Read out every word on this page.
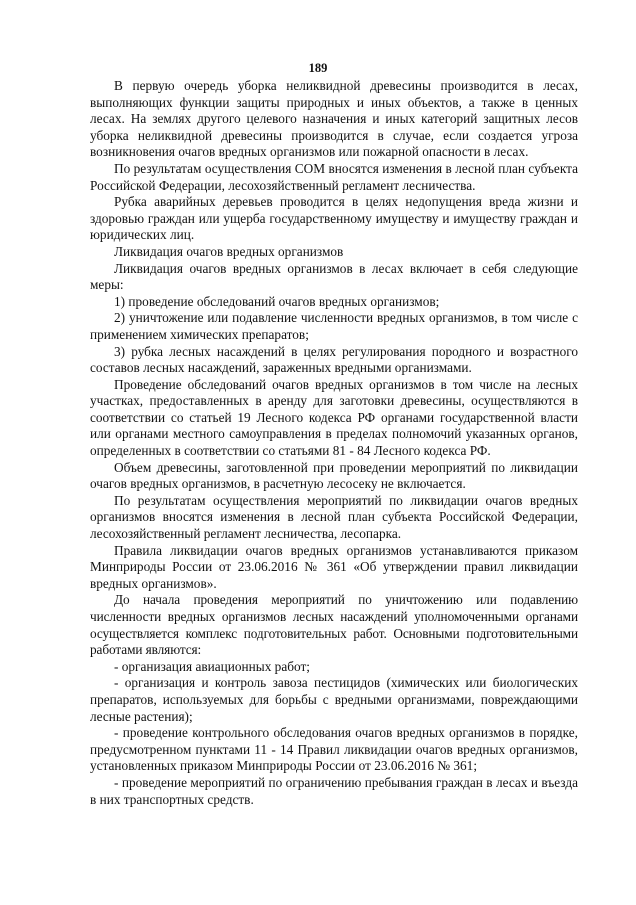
189

В первую очередь уборка неликвидной древесины производится в лесах, выполняющих функции защиты природных и иных объектов, а также в ценных лесах. На землях другого целевого назначения и иных категорий защитных лесов уборка неликвидной древесины производится в случае, если создается угроза возникновения очагов вредных организмов или пожарной опасности в лесах.

По результатам осуществления СОМ вносятся изменения в лесной план субъекта Российской Федерации, лесохозяйственный регламент лесничества.

Рубка аварийных деревьев проводится в целях недопущения вреда жизни и здоровью граждан или ущерба государственному имуществу и имуществу граждан и юридических лиц.

Ликвидация очагов вредных организмов

Ликвидация очагов вредных организмов в лесах включает в себя следующие меры:

1) проведение обследований очагов вредных организмов;

2) уничтожение или подавление численности вредных организмов, в том числе с применением химических препаратов;

3) рубка лесных насаждений в целях регулирования породного и возрастного составов лесных насаждений, зараженных вредными организмами.

Проведение обследований очагов вредных организмов в том числе на лесных участках, предоставленных в аренду для заготовки древесины, осуществляются в соответствии со статьей 19 Лесного кодекса РФ органами государственной власти или органами местного самоуправления в пределах полномочий указанных органов, определенных в соответствии со статьями 81 - 84 Лесного кодекса РФ.

Объем древесины, заготовленной при проведении мероприятий по ликвидации очагов вредных организмов, в расчетную лесосеку не включается.

По результатам осуществления мероприятий по ликвидации очагов вредных организмов вносятся изменения в лесной план субъекта Российской Федерации, лесохозяйственный регламент лесничества, лесопарка.

Правила ликвидации очагов вредных организмов устанавливаются приказом Минприроды России от 23.06.2016 № 361 «Об утверждении правил ликвидации вредных организмов».

До начала проведения мероприятий по уничтожению или подавлению численности вредных организмов лесных насаждений уполномоченными органами осуществляется комплекс подготовительных работ. Основными подготовительными работами являются:

- организация авиационных работ;

- организация и контроль завоза пестицидов (химических или биологических препаратов, используемых для борьбы с вредными организмами, повреждающими лесные растения);

- проведение контрольного обследования очагов вредных организмов в порядке, предусмотренном пунктами 11 - 14 Правил ликвидации очагов вредных организмов, установленных приказом Минприроды России от 23.06.2016 № 361;

- проведение мероприятий по ограничению пребывания граждан в лесах и въезда в них транспортных средств.
